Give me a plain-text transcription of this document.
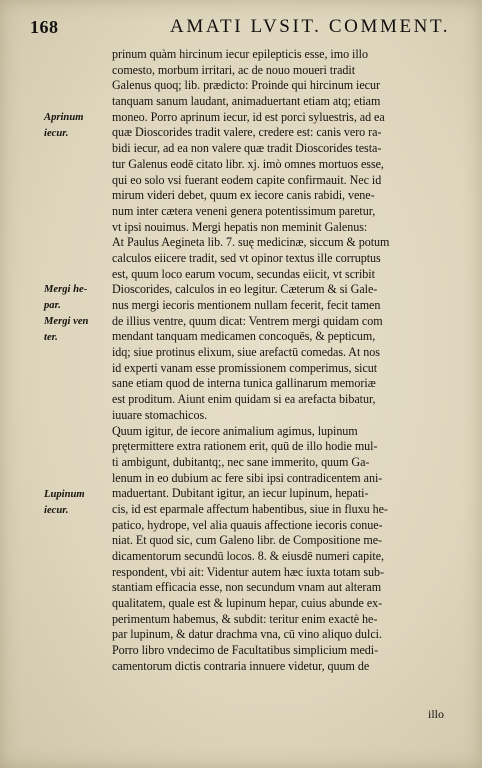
168	AMATI LVSIT. COMMENT.
Aprinum
iecur.
Mergi he-
par.
Mergi ven
ter.
Lupinum
iecur.
prinum quàm hircinum iecur epilepticis esse, imo illo
comesto, morbum irritari, ac de nouo moueri tradit
Galenus quoq; lib. prædicto: Proinde qui hircinum iecur
tanquam sanum laudant, animaduertant etiam atq; etiam
moneo. Porro aprinum iecur, id est porci syluestris, ad ea
quæ Dioscorides tradit valere, credere est: canis vero ra-
bidi iecur, ad ea non valere quæ tradit Dioscorides testa-
tur Galenus eodē citato libr. xj. imò omnes mortuos esse,
qui eo solo vsi fuerant eodem capite confirmauit. Nec id
mirum videri debet, quum ex iecore canis rabidi, vene-
num inter cætera veneni genera potentissimum paretur,
vt ipsi nouimus. Mergi hepatis non meminit Galenus:
At Paulus Aegineta lib. 7. suę medicinæ, siccum & potum
calculos eiicere tradit, sed vt opinor textus ille corruptus
est, quum loco earum vocum, secundas eiicit, vt scribit
Dioscorides, calculos in eo legitur. Cæterum & si Gale-
nus mergi iecoris mentionem nullam fecerit, fecit tamen
de illius ventre, quum dicat: Ventrem mergi quidam com
mendant tanquam medicamen concoquēs, & pepticum,
idq; siue protinus elixum, siue arefactū comedas. At nos
id experti vanam esse promissionem comperimus, sicut
sane etiam quod de interna tunica gallinarum memoriæ
est proditum. Aiunt enim quidam si ea arefacta bibatur,
iuuare stomachicos.
Quum igitur, de iecore animalium agimus, lupinum
prętermittere extra rationem erit, quū de illo hodie mul-
ti ambigunt, dubitantq;, nec sane immerito, quum Ga-
lenum in eo dubium ac fere sibi ipsi contradicentem ani-
maduertant. Dubitant igitur, an iecur lupinum, hepati-
cis, id est eparmale affectum habentibus, siue in fluxu he-
patico, hydrope, vel alia quauis affectione iecoris conue-
niat. Et quod sic, cum Galeno libr. de Compositione me-
dicamentorum secundū locos. 8. & eiusdē numeri capite,
respondent, vbi ait: Videntur autem hæc iuxta totam sub-
stantiam efficacia esse, non secundum vnam aut alteram
qualitatem, quale est & lupinum hepar, cuius abunde ex-
perimentum habemus, & subdit: teritur enim exactè he-
par lupinum, & datur drachma vna, cū vino aliquo dulci.
Porro libro vndecimo de Facultatibus simplicium medi-
camentorum dictis contraria innuere videtur, quum de
illo
